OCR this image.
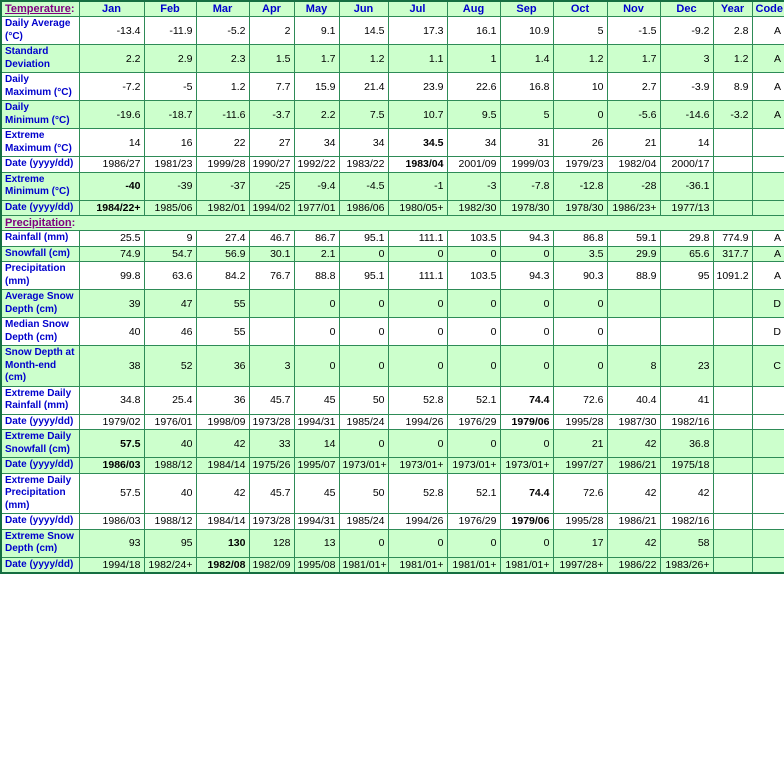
Temperature:	Jan	Feb	Mar	Apr	May	Jun	Jul	Aug	Sep	Oct	Nov	Dec	Year	Code
Daily Average (°C)	-13.4	-11.9	-5.2	2	9.1	14.5	17.3	16.1	10.9	5	-1.5	-9.2	2.8	A
Standard Deviation	2.2	2.9	2.3	1.5	1.7	1.2	1.1	1	1.4	1.2	1.7	3	1.2	A
Daily Maximum (°C)	-7.2	-5	1.2	7.7	15.9	21.4	23.9	22.6	16.8	10	2.7	-3.9	8.9	A
Daily Minimum (°C)	-19.6	-18.7	-11.6	-3.7	2.2	7.5	10.7	9.5	5	0	-5.6	-14.6	-3.2	A
Extreme Maximum (°C)	14	16	22	27	34	34	34.5	34	31	26	21	14		
Date (yyyy/dd)	1986/27	1981/23	1999/28	1990/27	1992/22	1983/22	1983/04	2001/09	1999/03	1979/23	1982/04	2000/17		
Extreme Minimum (°C)	-40	-39	-37	-25	-9.4	-4.5	-1	-3	-7.8	-12.8	-28	-36.1		
Date (yyyy/dd)	1984/22+	1985/06	1982/01	1994/02	1977/01	1986/06	1980/05+	1982/30	1978/30	1978/30	1986/23+	1977/13		
Precipitation:														
Rainfall (mm)	25.5	9	27.4	46.7	86.7	95.1	111.1	103.5	94.3	86.8	59.1	29.8	774.9	A
Snowfall (cm)	74.9	54.7	56.9	30.1	2.1	0	0	0	0	3.5	29.9	65.6	317.7	A
Precipitation (mm)	99.8	63.6	84.2	76.7	88.8	95.1	111.1	103.5	94.3	90.3	88.9	95	1091.2	A
Average Snow Depth (cm)	39	47	55		0	0	0	0	0	0				D
Median Snow Depth (cm)	40	46	55		0	0	0	0	0	0				D
Snow Depth at Month-end (cm)	38	52	36	3	0	0	0	0	0	0	8	23		C
Extreme Daily Rainfall (mm)	34.8	25.4	36	45.7	45	50	52.8	52.1	74.4	72.6	40.4	41		
Date (yyyy/dd)	1979/02	1976/01	1998/09	1973/28	1994/31	1985/24	1994/26	1976/29	1979/06	1995/28	1987/30	1982/16		
Extreme Daily Snowfall (cm)	57.5	40	42	33	14	0	0	0	0	21	42	36.8		
Date (yyyy/dd)	1986/03	1988/12	1984/14	1975/26	1995/07	1973/01+	1973/01+	1973/01+	1973/01+	1997/27	1986/21	1975/18		
Extreme Daily Precipitation (mm)	57.5	40	42	45.7	45	50	52.8	52.1	74.4	72.6	42	42		
Date (yyyy/dd)	1986/03	1988/12	1984/14	1973/28	1994/31	1985/24	1994/26	1976/29	1979/06	1995/28	1986/21	1982/16		
Extreme Snow Depth (cm)	93	95	130	128	13	0	0	0	0	17	42	58		
Date (yyyy/dd)	1994/18	1982/24+	1982/08	1982/09	1995/08	1981/01+	1981/01+	1981/01+	1981/01+	1997/28+	1986/22	1983/26+		
